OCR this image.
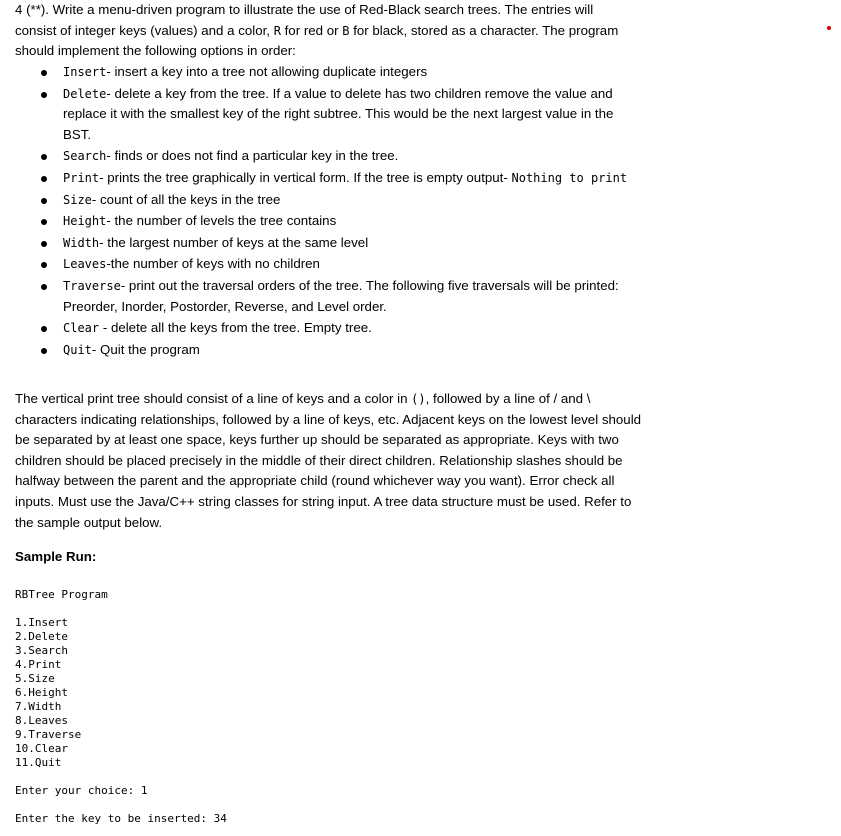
4 (**). Write a menu-driven program to illustrate the use of Red-Black search trees. The entries will

consist of integer keys (values) and a color, R for red or B for black, stored as a character. The program

should implement the following options in order:

Insert- insert a key into a tree not allowing duplicate integers
Delete- delete a key from the tree. If a value to delete has two children remove the value and replace it with the smallest key of the right subtree. This would be the next largest value in the BST.
Search- finds or does not find a particular key in the tree.
Print- prints the tree graphically in vertical form. If the tree is empty output- Nothing to print
Size- count of all the keys in the tree
Height- the number of levels the tree contains
Width- the largest number of keys at the same level
Leaves-the number of keys with no children
Traverse- print out the traversal orders of the tree. The following five traversals will be printed: Preorder, Inorder, Postorder, Reverse, and Level order.
Clear - delete all the keys from the tree. Empty tree.
Quit- Quit the program

The vertical print tree should consist of a line of keys and a color in (), followed by a line of / and \

characters indicating relationships, followed by a line of keys, etc. Adjacent keys on the lowest level should be separated by at least one space, keys further up should be separated as appropriate. Keys with two children should be placed precisely in the middle of their direct children. Relationship slashes should be halfway between the parent and the appropriate child (round whichever way you want). Error check all inputs. Must use the Java/C++ string classes for string input. A tree data structure must be used. Refer to the sample output below.

Sample Run:

RBTree Program

1.Insert

2.Delete

3.Search

4.Print

5.Size

6.Height

7.Width

8.Leaves

9.Traverse

10.Clear

11.Quit

Enter your choice: 1

Enter the key to be inserted: 34
